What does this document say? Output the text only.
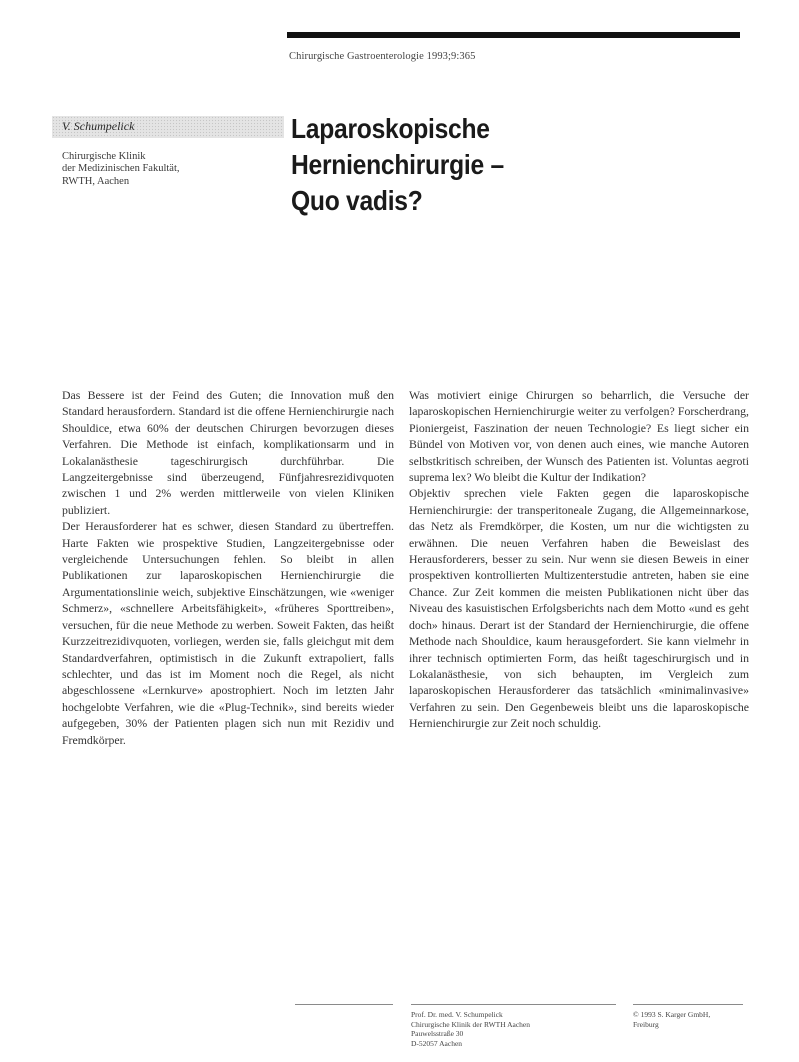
Chirurgische Gastroenterologie 1993;9:365
V. Schumpelick
Chirurgische Klinik
der Medizinischen Fakultät,
RWTH, Aachen
Laparoskopische
Hernienchirurgie –
Quo vadis?

Das Bessere ist der Feind des Guten; die Innovation muß den Standard herausfordern. Standard ist die offene Hernienchirurgie nach Shouldice, etwa 60% der deutschen Chirurgen bevorzugen dieses Verfahren. Die Methode ist einfach, komplikationsarm und in Lokalanästhesie tageschirurgisch durchführbar. Die Langzeitergebnisse sind überzeugend, Fünfjahresrezidivquoten zwischen 1 und 2% werden mittlerweile von vielen Kliniken publiziert.

Der Herausforderer hat es schwer, diesen Standard zu übertreffen. Harte Fakten wie prospektive Studien, Langzeitergebnisse oder vergleichende Untersuchungen fehlen. So bleibt in allen Publikationen zur laparoskopischen Hernienchirurgie die Argumentationslinie weich, subjektive Einschätzungen, wie «weniger Schmerz», «schnellere Arbeitsfähigkeit», «früheres Sporttreiben», versuchen, für die neue Methode zu werben. Soweit Fakten, das heißt Kurzzeitrezidivquoten, vorliegen, werden sie, falls gleichgut mit dem Standardverfahren, optimistisch in die Zukunft extrapoliert, falls schlechter, und das ist im Moment noch die Regel, als nicht abgeschlossene «Lernkurve» apostrophiert. Noch im letzten Jahr hochgelobte Verfahren, wie die «Plug-Technik», sind bereits wieder aufgegeben, 30% der Patienten plagen sich nun mit Rezidiv und Fremdkörper.

Was motiviert einige Chirurgen so beharrlich, die Versuche der laparoskopischen Hernienchirurgie weiter zu verfolgen? Forscherdrang, Pioniergeist, Faszination der neuen Technologie? Es liegt sicher ein Bündel von Motiven vor, von denen auch eines, wie manche Autoren selbstkritisch schreiben, der Wunsch des Patienten ist. Voluntas aegroti suprema lex? Wo bleibt die Kultur der Indikation?

Objektiv sprechen viele Fakten gegen die laparoskopische Hernienchirurgie: der transperitoneale Zugang, die Allgemeinnarkose, das Netz als Fremdkörper, die Kosten, um nur die wichtigsten zu erwähnen. Die neuen Verfahren haben die Beweislast des Herausforderers, besser zu sein. Nur wenn sie diesen Beweis in einer prospektiven kontrollierten Multizenterstudie antreten, haben sie eine Chance. Zur Zeit kommen die meisten Publikationen nicht über das Niveau des kasuistischen Erfolgsberichts nach dem Motto «und es geht doch» hinaus. Derart ist der Standard der Hernienchirurgie, die offene Methode nach Shouldice, kaum herausgefordert. Sie kann vielmehr in ihrer technisch optimierten Form, das heißt tageschirurgisch und in Lokalanästhesie, von sich behaupten, im Vergleich zum laparoskopischen Herausforderer das tatsächlich «minimalinvasive» Verfahren zu sein. Den Gegenbeweis bleibt uns die laparoskopische Hernienchirurgie zur Zeit noch schuldig.

Prof. Dr. med. V. Schumpelick
Chirurgische Klinik der RWTH Aachen
Pauwelsstraße 30
D-52057 Aachen
© 1993 S. Karger GmbH,
Freiburg
